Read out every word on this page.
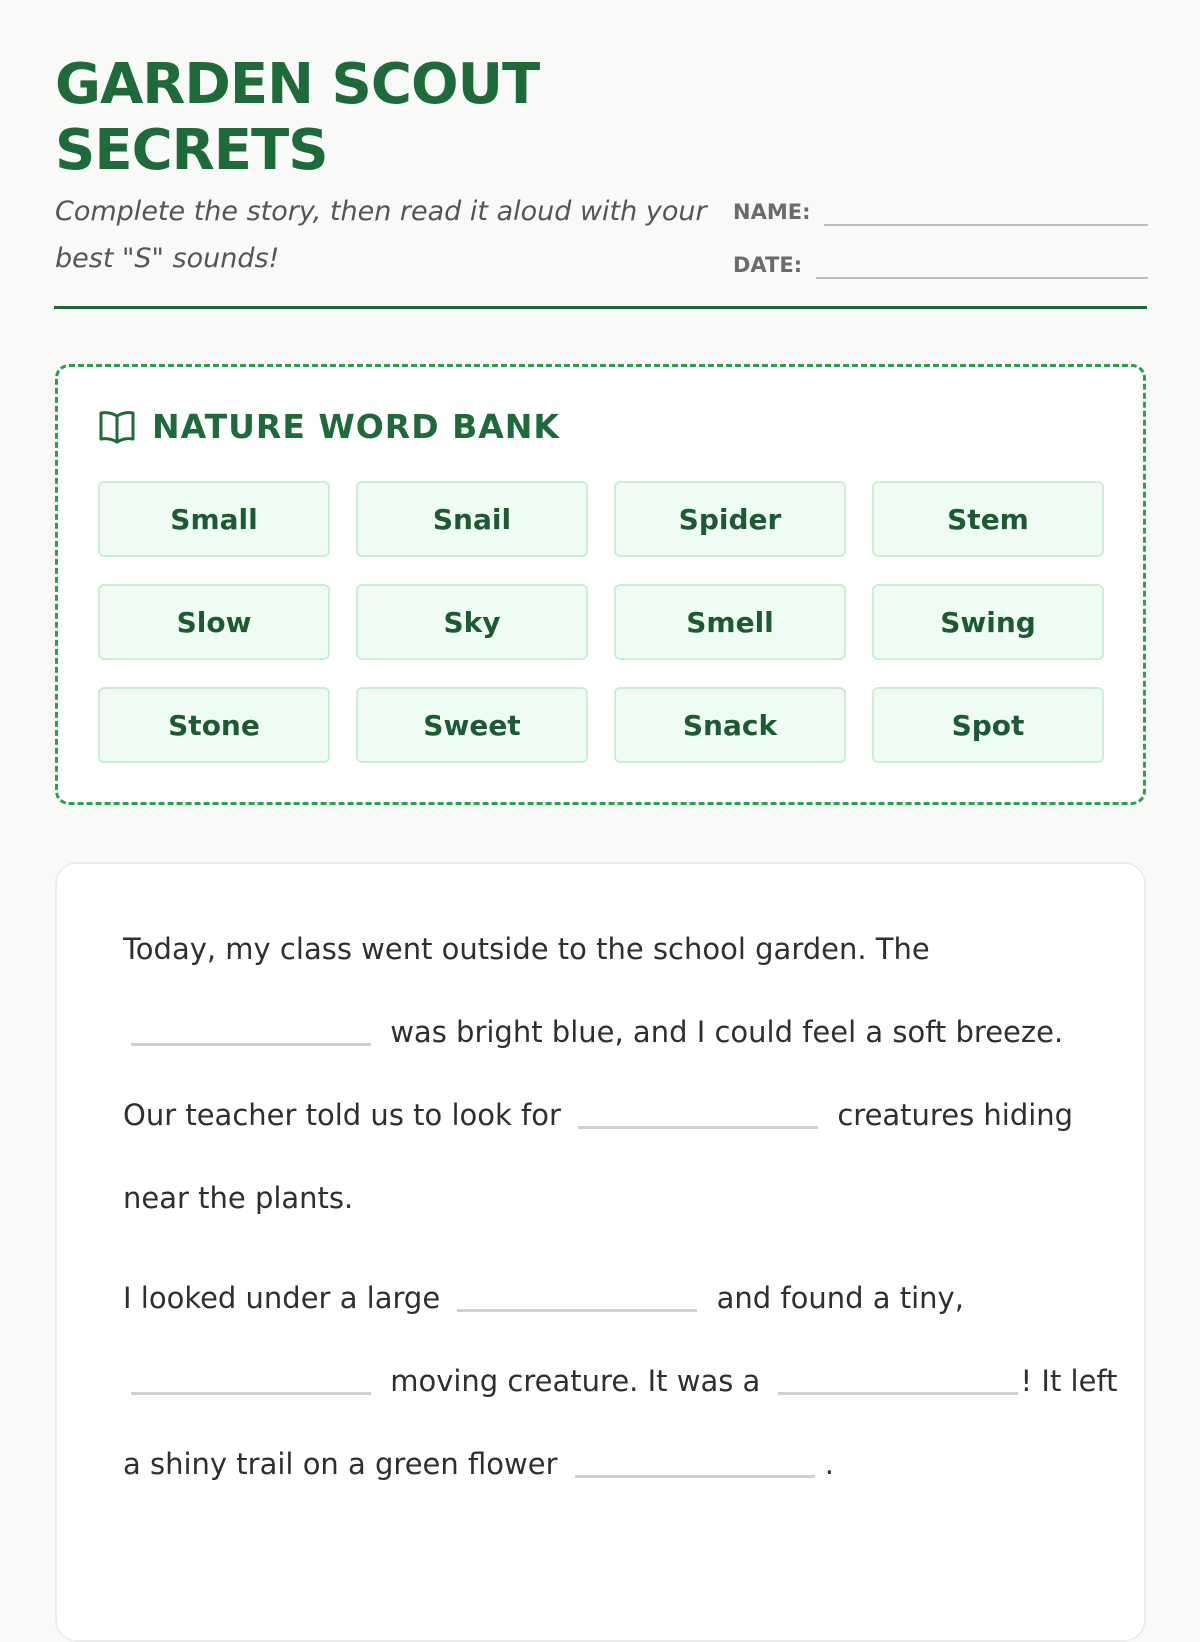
GARDEN SCOUT SECRETS

Complete the story, then read it aloud with your best "S" sounds!

NAME:
DATE:
NATURE WORD BANK
Small	Snail	Spider	Stem
Slow	Sky	Smell	Swing
Stone	Sweet	Snack	Spot

Today, my class went outside to the school garden. The  was bright blue, and I could feel a soft breeze. Our teacher told us to look for	creatures hiding near the plants.

I looked under a large	and found a tiny,  moving creature. It was a	! It left a shiny trail on a green flower	.
